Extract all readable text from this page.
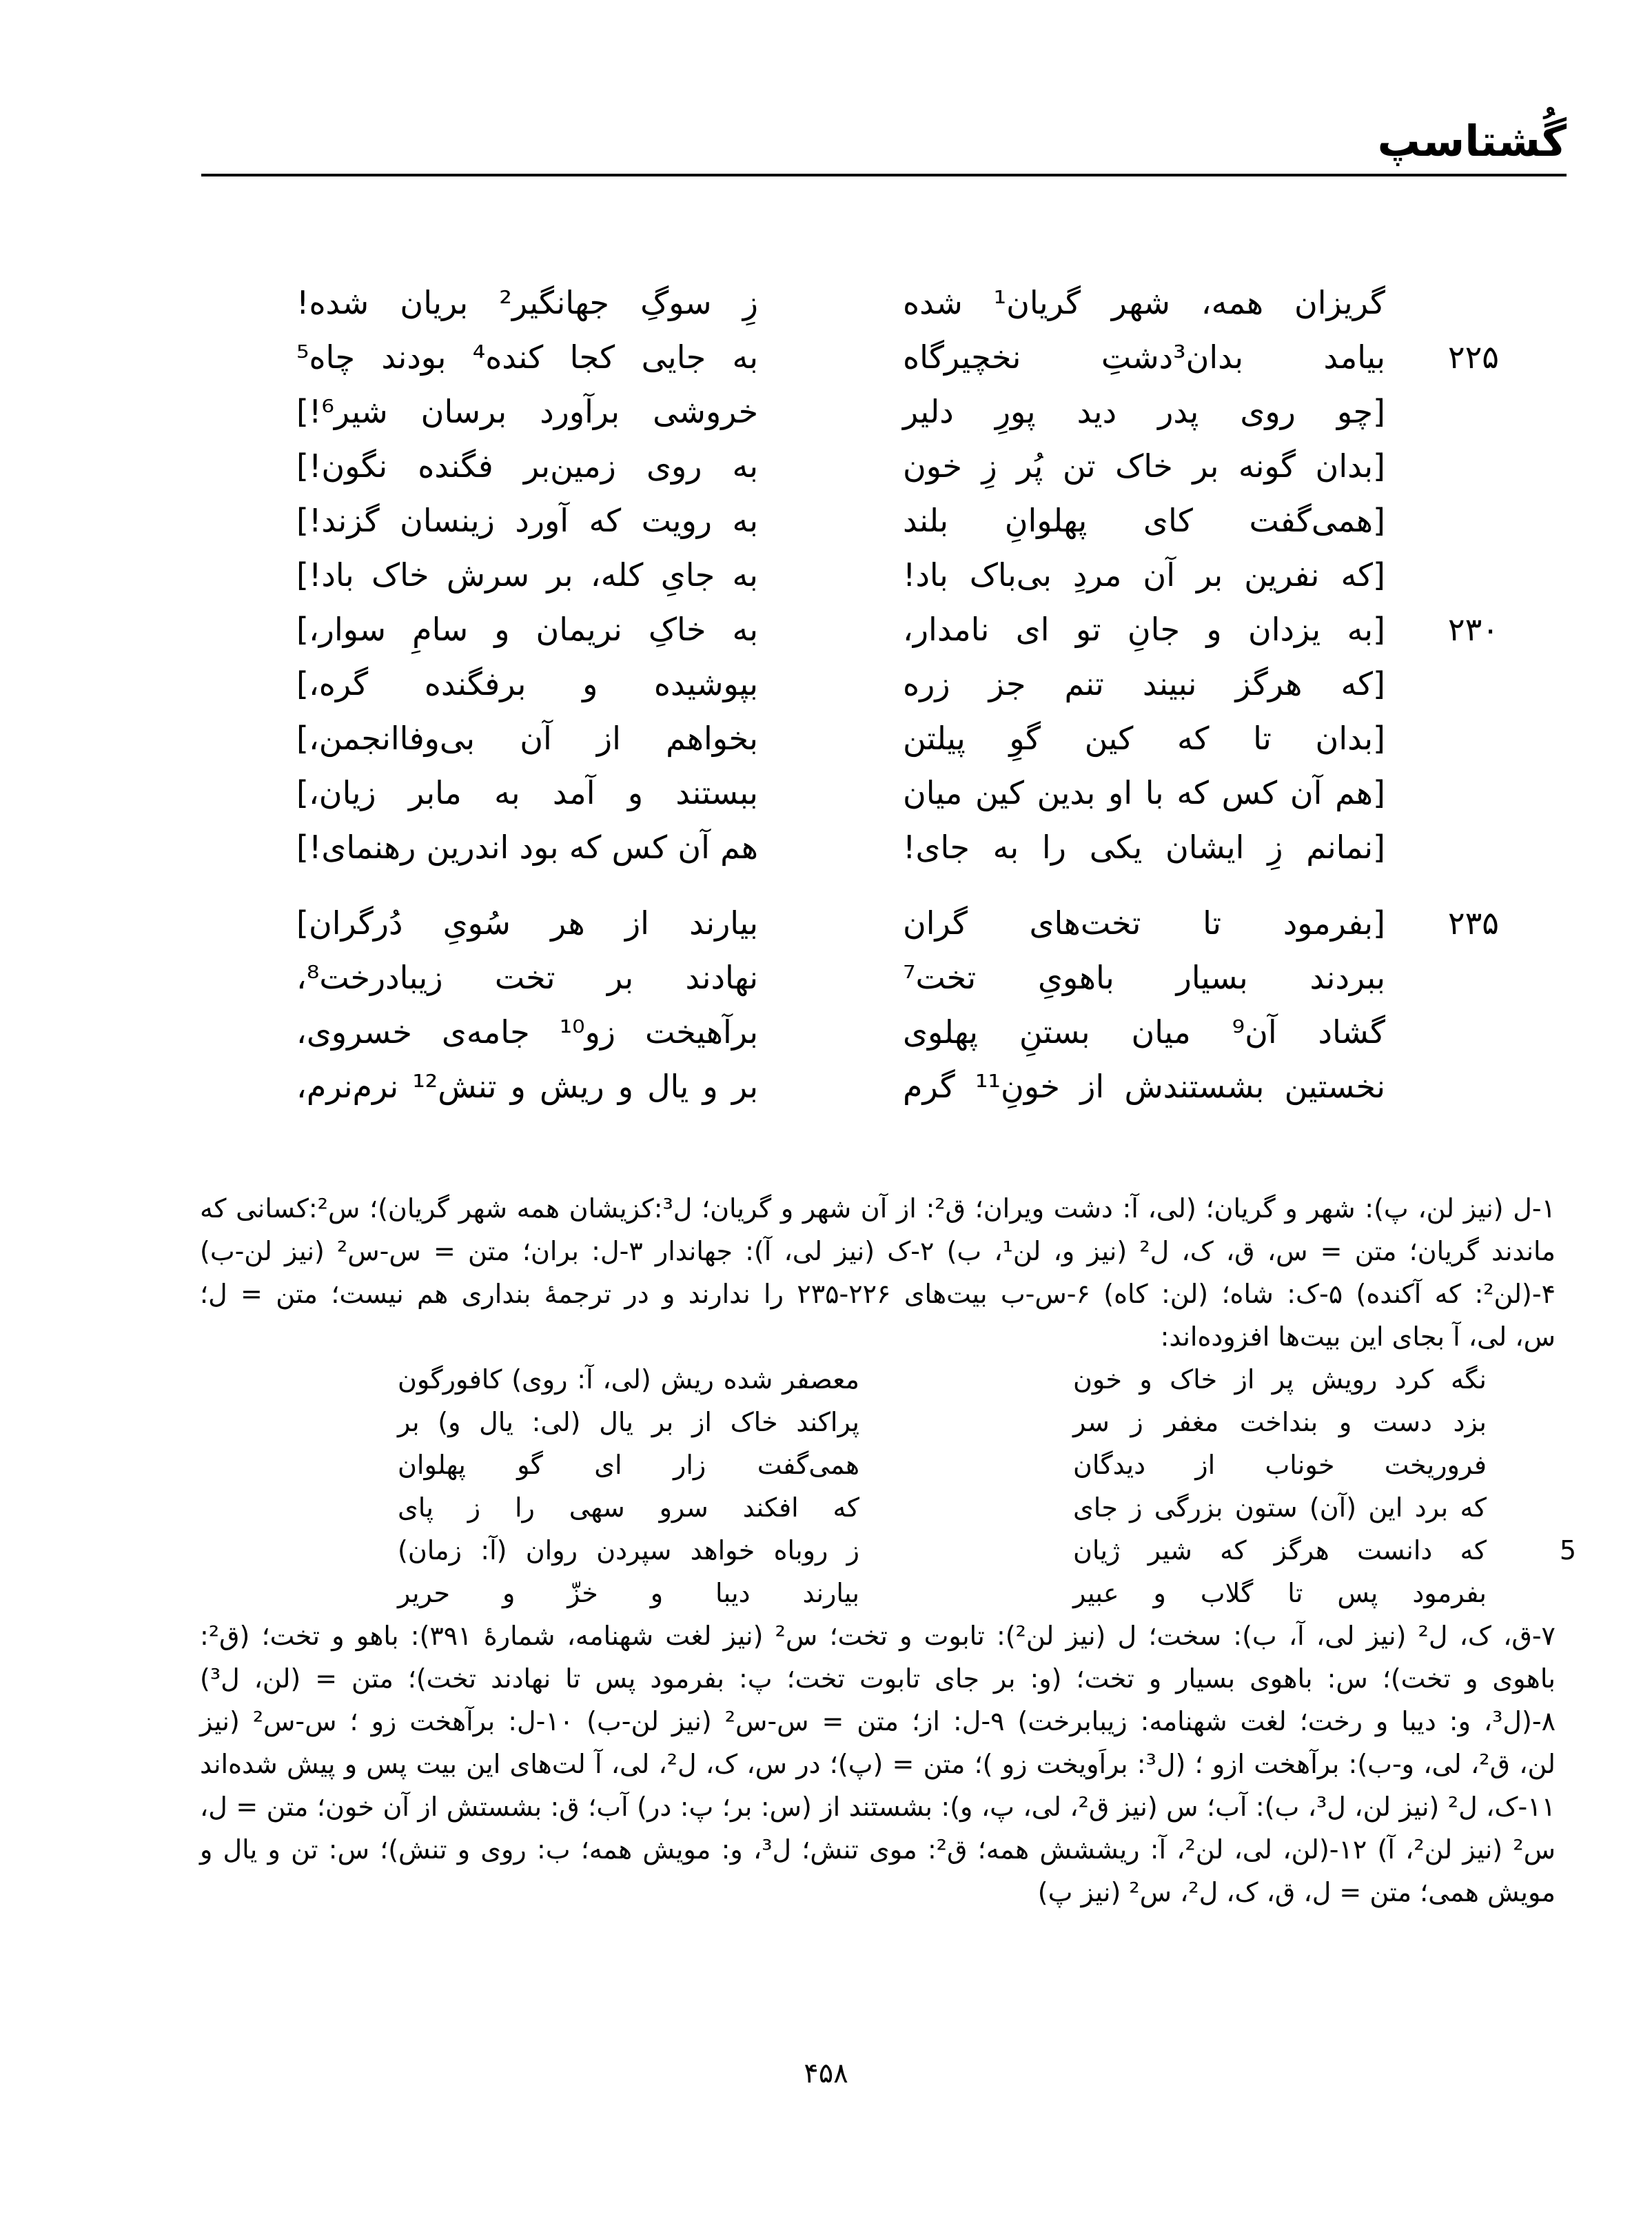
گُشتاسپ
گریزان همه، شهر گریان¹ شده
زِ سوگِ جهانگیر² بریان شده!
۲۲۵
بیامد بدان³دشتِ نخچیرگاه
به جایی کجا کنده⁴ بودند چاه⁵
[چو روی پدر دید پورِ دلیر
خروشی برآورد برسان شیر⁶!]
[بدان گونه بر خاک تن پُر زِ خون
به روی زمین‌بر فگنده نگون!]
[همی‌گفت کای پهلوانِ بلند
به رویت که آورد زینسان گزند!]
[که نفرین بر آن مردِ بی‌باک باد!
به جایِ کله، بر سرش خاک باد!]
۲۳۰
[به یزدان و جانِ تو ای نامدار،
به خاکِ نریمان و سامِ سوار،]
[که هرگز نبیند تنم جز زره
بپوشیده و برفگنده گره،]
[بدان تا که کین گوِ پیلتن
بخواهم از آن بی‌وفاانجمن،]
[هم آن کس که با او بدین کین میان
ببستند و آمد به مابر زیان،]
[نمانم زِ ایشان یکی را به جای!
هم آن کس که بود اندرین رهنمای!]
۲۳۵
[بفرمود تا تخت‌های گران
بیارند از هر سُویِ دُرگران]
ببردند بسیار باهویِ تخت⁷
نهادند بر تخت زیبادرخت⁸،
گشاد آن⁹ میان بستنِ پهلوی
برآهیخت زو¹⁰ جامه‌ی خسروی،
نخستین بشستندش از خونِ¹¹ گرم
بر و یال و ریش و تنش¹² نرم‌نرم،
۱-ل (نیز لن، پ): شهر و گریان؛ (لی، آ: دشت ویران؛ ق²: از آن شهر و گریان؛ ل³:کزیشان همه شهر گریان)؛ س²:کسانی که
ماندند گریان؛ متن = س، ق، ک، ل² (نیز و، لن¹، ب) ۲-ک (نیز لی، آ): جهاندار ۳-ل: بران؛ متن = س-س² (نیز لن-ب)
۴-(لن²: که آکنده) ۵-ک: شاه؛ (لن: کاه) ۶-س-ب بیت‌های ۲۲۶-۲۳۵ را ندارند و در ترجمهٔ بنداری هم نیست؛ متن = ل؛
س، لی، آ بجای این بیت‌ها افزوده‌اند:
نگه کرد رویش پر از خاک و خون
معصفر شده ریش (لی، آ: روی) کافورگون
بزد دست و بنداخت مغفر ز سر
پراکند خاک از بر یال (لی: یال و) بر
فروریخت خوناب از دیدگان
همی‌گفت زار ای گو پهلوان
که برد این (آن) ستون بزرگی ز جای
که افکند سرو سهی را ز پای
5
که دانست هرگز که شیر ژیان
ز روباه خواهد سپردن روان (آ: زمان)
بفرمود پس تا گلاب و عبیر
بیارند دیبا و خزّ و حریر
۷-ق، ک، ل² (نیز لی، آ، ب): سخت؛ ل (نیز لن²): تابوت و تخت؛ س² (نیز لغت شهنامه، شمارهٔ ۳۹۱): باهو و تخت؛ (ق²:
باهوی و تخت)؛ س: باهوی بسیار و تخت؛ (و: بر جای تابوت تخت؛ پ: بفرمود پس تا نهادند تخت)؛ متن = (لن، ل³)
۸-(ل³، و: دیبا و رخت؛ لغت شهنامه: زیبابرخت) ۹-ل: از؛ متن = س-س² (نیز لن-ب) ۱۰-ل: برآهخت زو ؛ س-س² (نیز
لن، ق²، لی، و-ب): برآهخت ازو ؛ (ل³: براَویخت زو )؛ متن = (پ)؛ در س، ک، ل²، لی، آ لت‌های این بیت پس و پیش شده‌اند
۱۱-ک، ل² (نیز لن، ل³، ب): آب؛ س (نیز ق²، لی، پ، و): بشستند از (س: بر؛ پ: در) آب؛ ق: بشستش از آن خون؛ متن = ل،
س² (نیز لن²، آ) ۱۲-(لن، لی، لن²، آ: ریششش همه؛ ق²: موی تنش؛ ل³، و: مویش همه؛ ب: روی و تنش)؛ س: تن و یال و
مویش همی؛ متن = ل، ق، ک، ل²، س² (نیز پ)
۴۵۸
